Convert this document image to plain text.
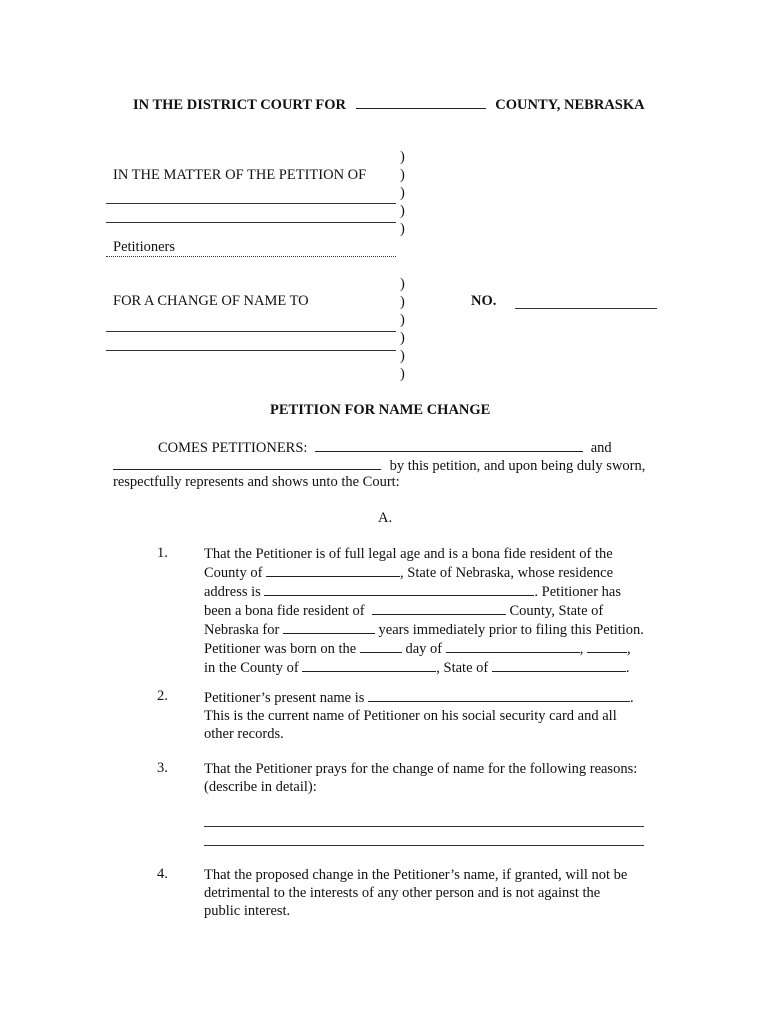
IN THE DISTRICT COURT FOR	COUNTY, NEBRASKA
IN THE MATTER OF THE PETITION OF
Petitioners
FOR A CHANGE OF NAME TO
)
)
)
)
)
)
)
)
)
)
)
NO.
PETITION FOR NAME CHANGE
COMES PETITIONERS:	and
by this petition, and upon being duly sworn,
respectfully represents and shows unto the Court:
A.
1. That the Petitioner is of full legal age and is a bona fide resident of the
County of	, State of Nebraska, whose residence
address is	. Petitioner has
been a bona fide resident of	County, State of
Nebraska for	years immediately prior to filing this Petition.
Petitioner was born on the	day of	,	,
in the County of	, State of	.
2. Petitioner’s present name is	.
This is the current name of Petitioner on his social security card and all
other records.
3. That the Petitioner prays for the change of name for the following reasons:
(describe in detail):
4. That the proposed change in the Petitioner’s name, if granted, will not be
detrimental to the interests of any other person and is not against the
public interest.
